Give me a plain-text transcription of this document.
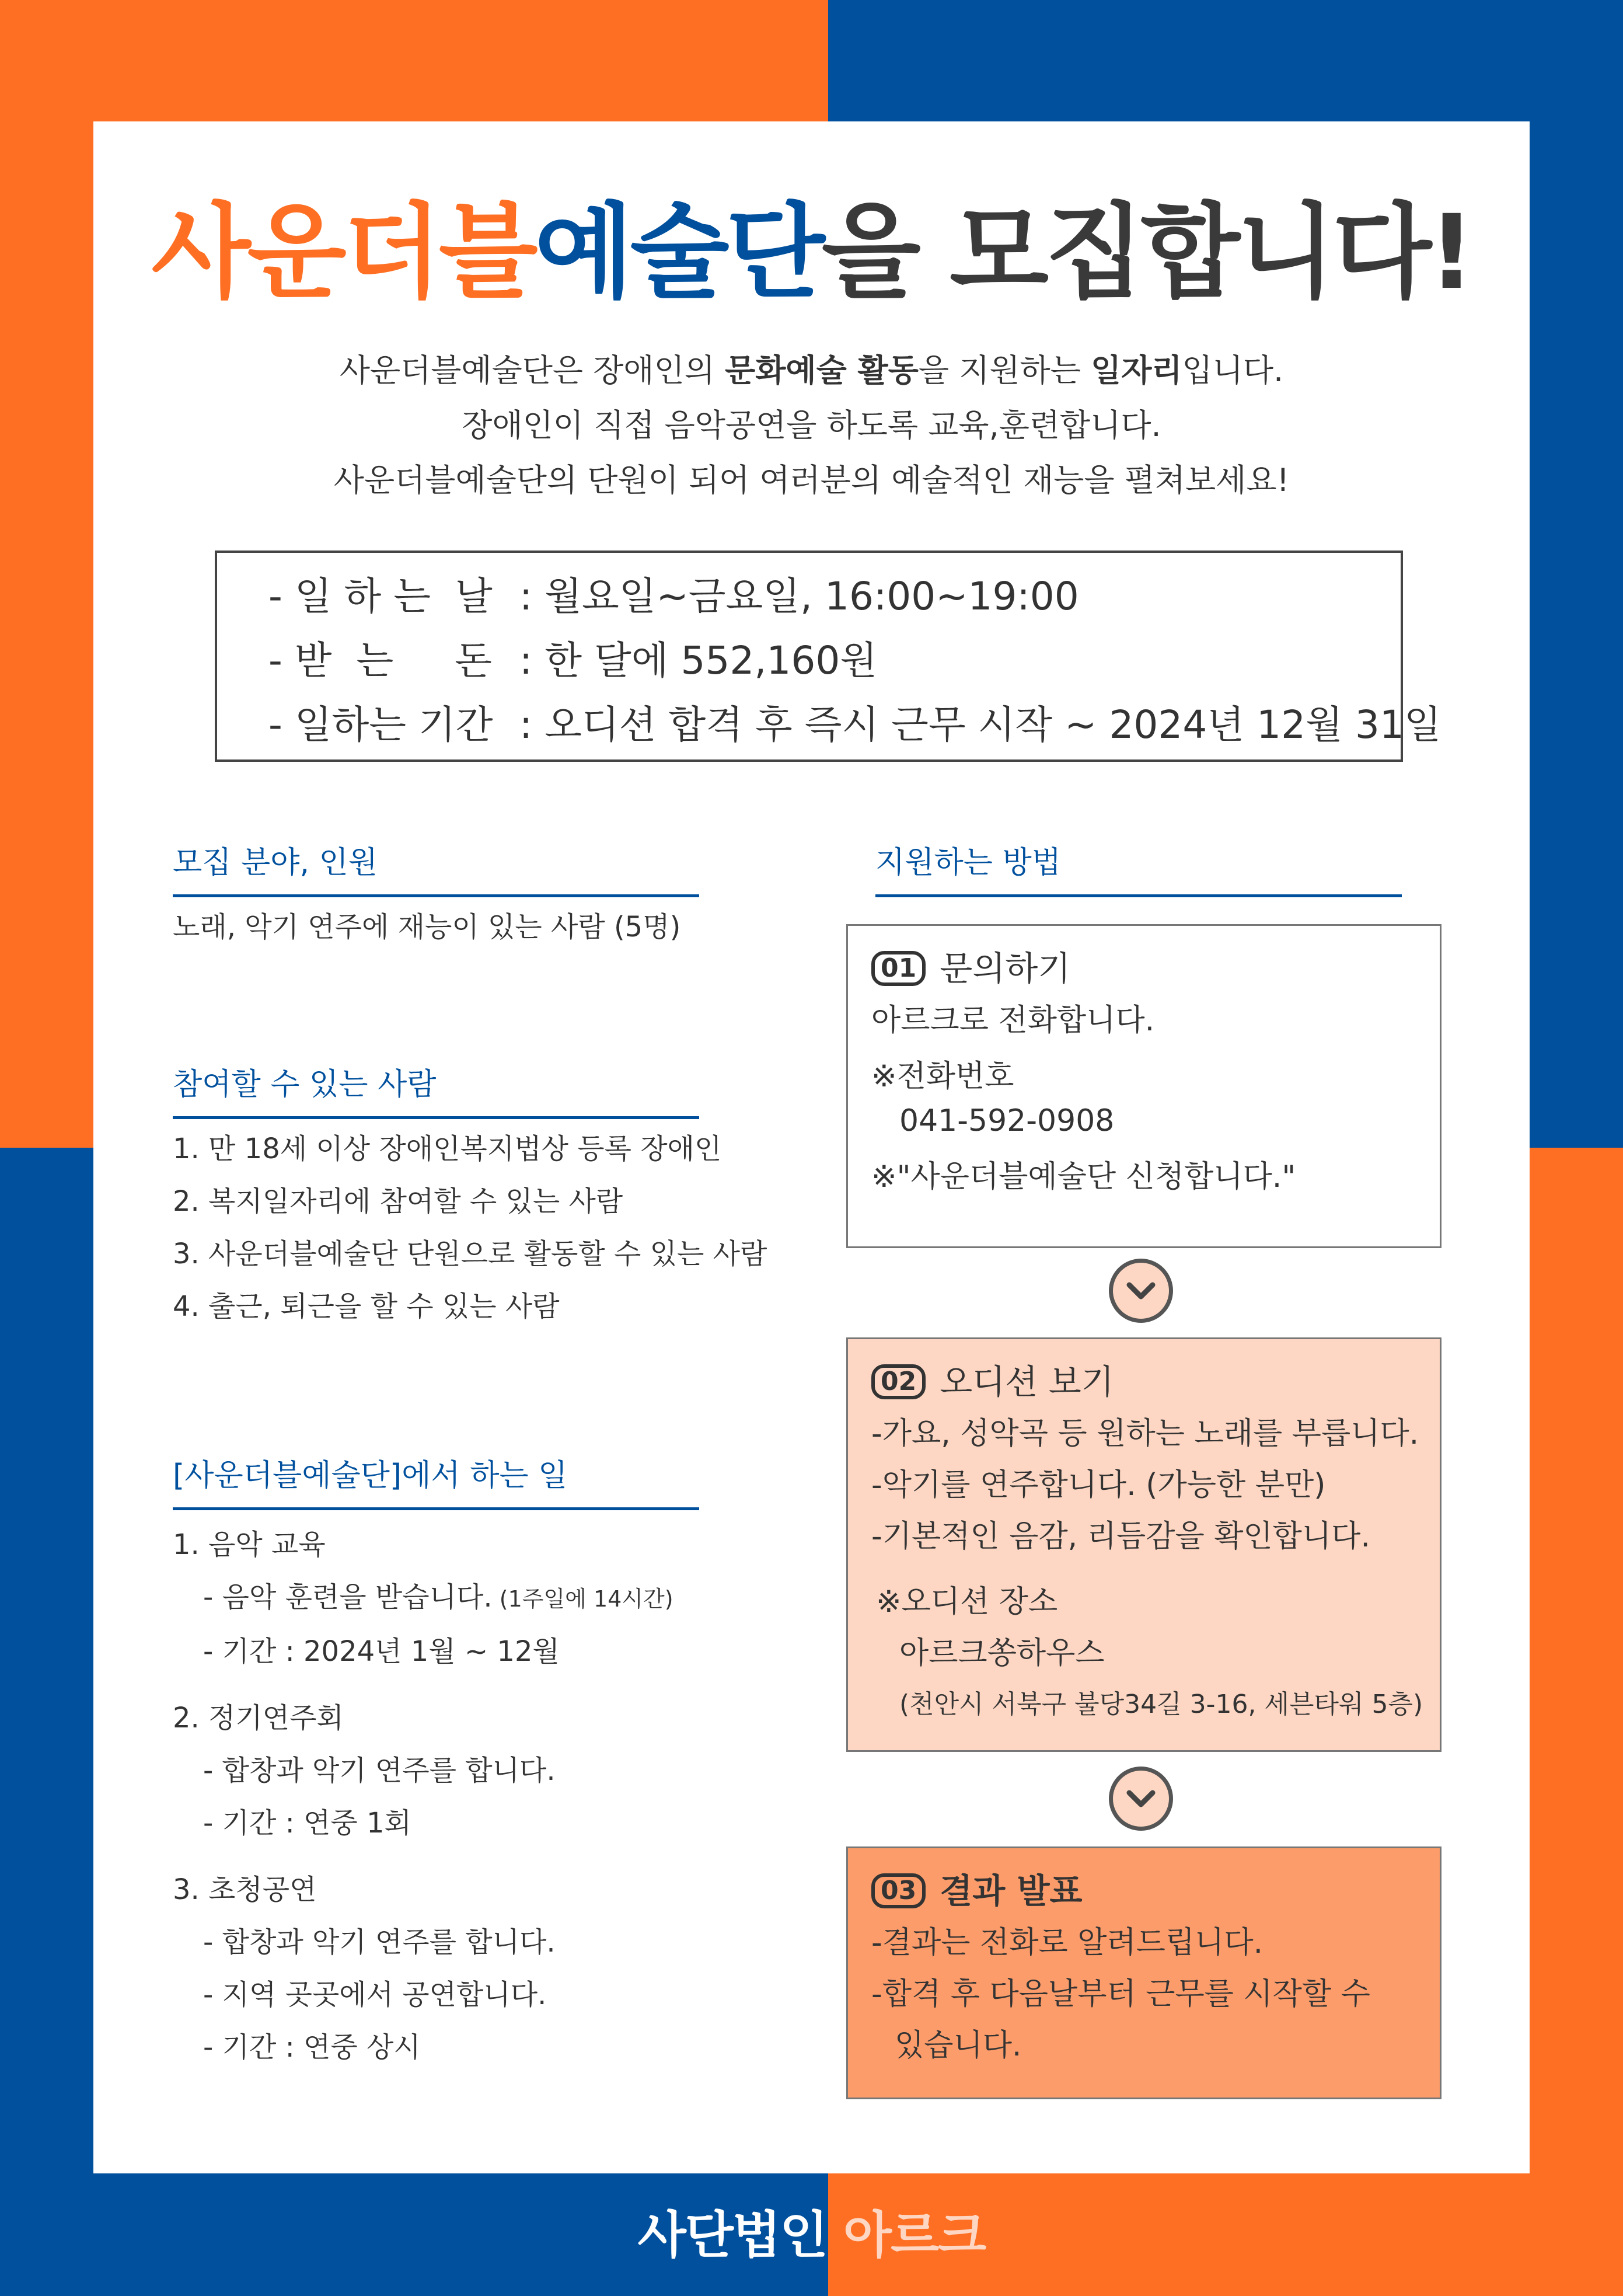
사운더블예술단을 모집합니다!

사운더블예술단은 장애인의 문화예술 활동을 지원하는 일자리입니다.

장애인이 직접 음악공연을 하도록 교육,훈련합니다.

사운더블예술단의 단원이 되어 여러분의 예술적인 재능을 펼쳐보세요!

- 일 하 는  날 : 월요일~금요일, 16:00~19:00
- 받  는     돈 : 한 달에 552,160원
- 일하는 기간 : 오디션 합격 후 즉시 근무 시작 ~ 2024년 12월 31일
모집 분야, 인원
노래, 악기 연주에 재능이 있는 사람 (5명)
참여할 수 있는 사람
1. 만 18세 이상 장애인복지법상 등록 장애인
2. 복지일자리에 참여할 수 있는 사람
3. 사운더블예술단 단원으로 활동할 수 있는 사람
4. 출근, 퇴근을 할 수 있는 사람
[사운더블예술단]에서 하는 일
1. 음악 교육
- 음악 훈련을 받습니다. (1주일에 14시간)
- 기간 : 2024년 1월 ~ 12월
2. 정기연주회
- 합창과 악기 연주를 합니다.
- 기간 : 연중 1회
3. 초청공연
- 합창과 악기 연주를 합니다.
- 지역 곳곳에서 공연합니다.
- 기간 : 연중 상시
지원하는 방법
01 문의하기
아르크로 전화합니다.
※전화번호
041-592-0908
※"사운더블예술단 신청합니다."
02 오디션 보기
-가요, 성악곡 등 원하는 노래를 부릅니다.
-악기를 연주합니다. (가능한 분만)
-기본적인 음감, 리듬감을 확인합니다.
※오디션 장소
아르크쏭하우스
(천안시 서북구 불당34길 3-16, 세븐타워 5층)
03 결과 발표
-결과는 전화로 알려드립니다.
-합격 후 다음날부터 근무를 시작할 수
있습니다.
사단법인 아르크
